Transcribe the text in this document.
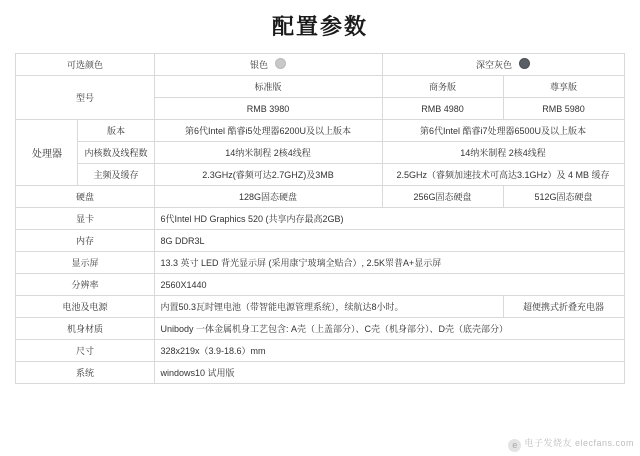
配置参数
可选颜色		银色	深空灰色	
型号		标准版	商务版	尊享版
		RMB 3980	RMB 4980	RMB 5980
处理器	版本	第6代Intel 酷睿i5处理器6200U及以上版本	第6代Intel 酷睿i7处理器6500U及以上版本	
	内核数及线程数	14纳米制程 2核4线程	14纳米制程 2核4线程	
	主频及缓存	2.3GHz(睿频可达2.7GHZ)及3MB	2.5GHz（睿频加速技术可高达3.1GHz）及 4 MB 缓存	
硬盘		128G固态硬盘	256G固态硬盘	512G固态硬盘
显卡		6代Intel HD Graphics 520 (共享内存最高2GB)		
内存		8G DDR3L		
显示屏		13.3 英寸 LED 背光显示屏 (采用康宁玻璃全贴合）, 2.5K眔普A+显示屏		
分辨率		2560X1440		
电池及电源		内置50.3瓦时锂电池（带智能电源管理系统），续航达8小时。		超便携式折叠充电器
机身材质		Unibody 一体金属机身工艺包含: A壳（上盖部分）、C壳（机身部分）、D壳（底壳部分）		
尺寸		328x219x（3.9-18.6）mm		
系统		windows10 试用版		
e 电子发烧友 elecfans.com
